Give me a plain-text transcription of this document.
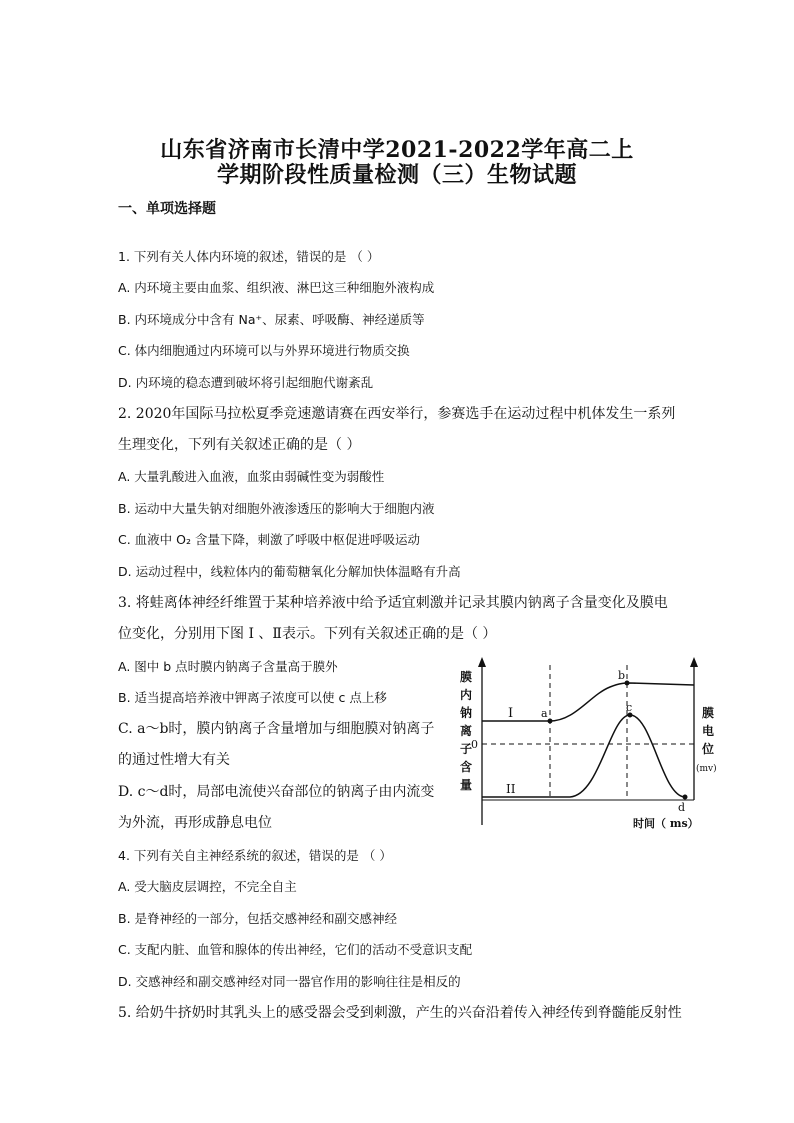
山东省济南市长清中学2021-2022学年高二上
学期阶段性质量检测（三）生物试题
一、单项选择题
1. 下列有关人体内环境的叙述，错误的是 （ ）
A. 内环境主要由血浆、组织液、淋巴这三种细胞外液构成
B. 内环境成分中含有 Na⁺、尿素、呼吸酶、神经递质等
C. 体内细胞通过内环境可以与外界环境进行物质交换
D. 内环境的稳态遭到破坏将引起细胞代谢紊乱
2. 2020年国际马拉松夏季竞速邀请赛在西安举行，参赛选手在运动过程中机体发生一系列
生理变化，下列有关叙述正确的是（ ）
A. 大量乳酸进入血液，血浆由弱碱性变为弱酸性
B. 运动中大量失钠对细胞外液渗透压的影响大于细胞内液
C. 血液中 O₂ 含量下降，刺激了呼吸中枢促进呼吸运动
D. 运动过程中，线粒体内的葡萄糖氧化分解加快体温略有升高
3. 将蛙离体神经纤维置于某种培养液中给予适宜刺激并记录其膜内钠离子含量变化及膜电
位变化，分别用下图 Ⅰ 、Ⅱ表示。下列有关叙述正确的是（ ）
A. 图中 b 点时膜内钠离子含量高于膜外
B. 适当提高培养液中钾离子浓度可以使 c 点上移
C. a～b时，膜内钠离子含量增加与细胞膜对钠离子
的通过性增大有关
D. c～d时，局部电流使兴奋部位的钠离子由内流变
为外流，再形成静息电位
a
b
c
d
I
II
0
膜
内
钠
离
子
含
量
膜
电
位
(mv)
时间（ ms）
4. 下列有关自主神经系统的叙述，错误的是 （ ）
A. 受大脑皮层调控，不完全自主
B. 是脊神经的一部分，包括交感神经和副交感神经
C. 支配内脏、血管和腺体的传出神经，它们的活动不受意识支配
D. 交感神经和副交感神经对同一器官作用的影响往往是相反的
5. 给奶牛挤奶时其乳头上的感受器会受到刺激，产生的兴奋沿着传入神经传到脊髓能反射性
